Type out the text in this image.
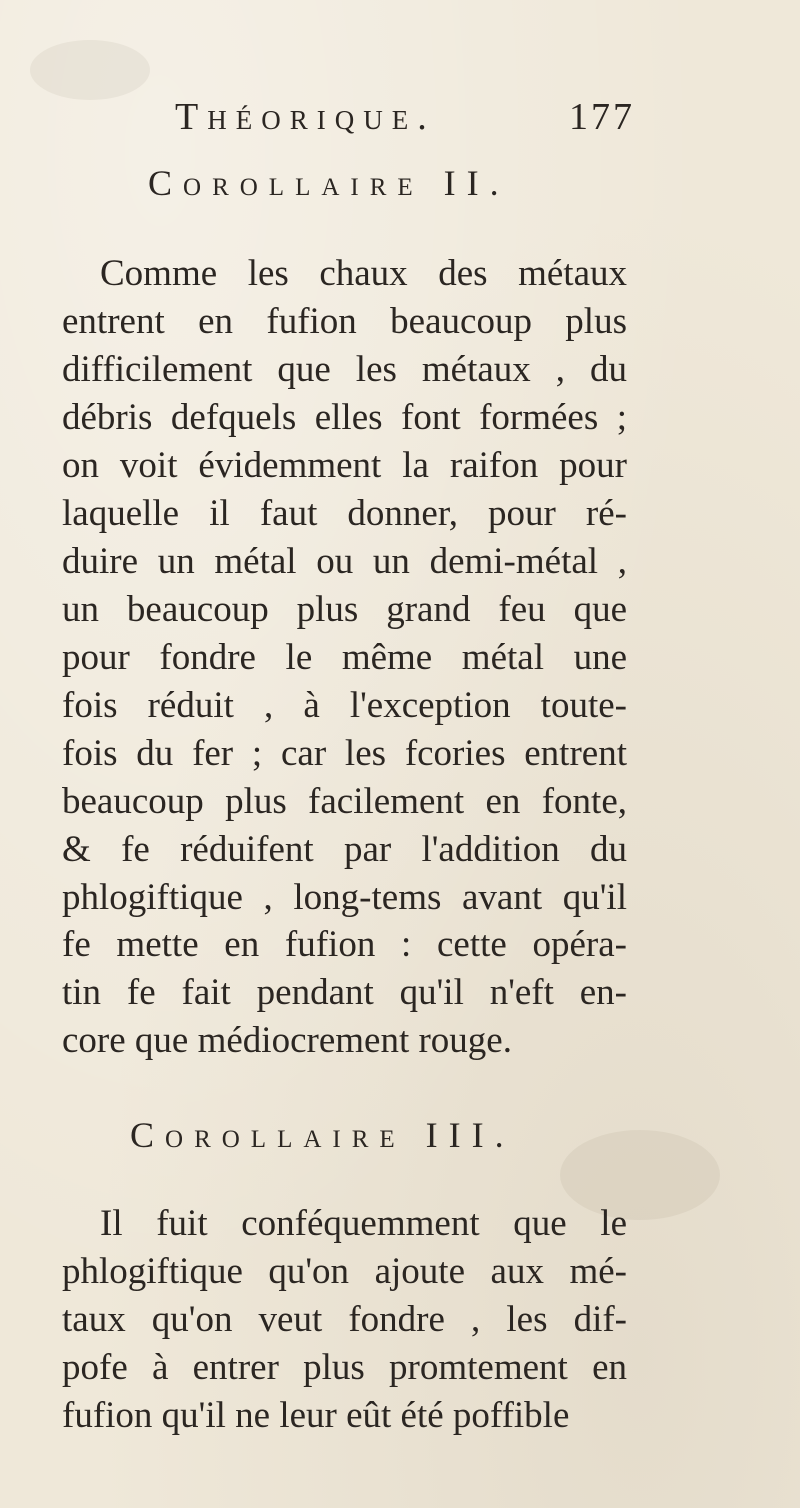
Théorique.	177
Corollaire II.
Comme les chaux des métaux
entrent en fufion beaucoup plus
difficilement que les métaux , du
débris defquels elles font formées ;
on voit évidemment la raifon pour
laquelle il faut donner, pour ré-
duire un métal ou un demi-métal ,
un beaucoup plus grand feu que
pour fondre le même métal une
fois réduit , à l'exception toute-
fois du fer ; car les fcories entrent
beaucoup plus facilement en fonte,
& fe réduifent par l'addition du
phlogiftique , long-tems avant qu'il
fe mette en fufion : cette opéra-
tin fe fait pendant qu'il n'eft en-
core que médiocrement rouge.
Corollaire III.
Il fuit conféquemment que le
phlogiftique qu'on ajoute aux mé-
taux qu'on veut fondre , les dif-
pofe à entrer plus promtement en
fufion qu'il ne leur eût été poffible
